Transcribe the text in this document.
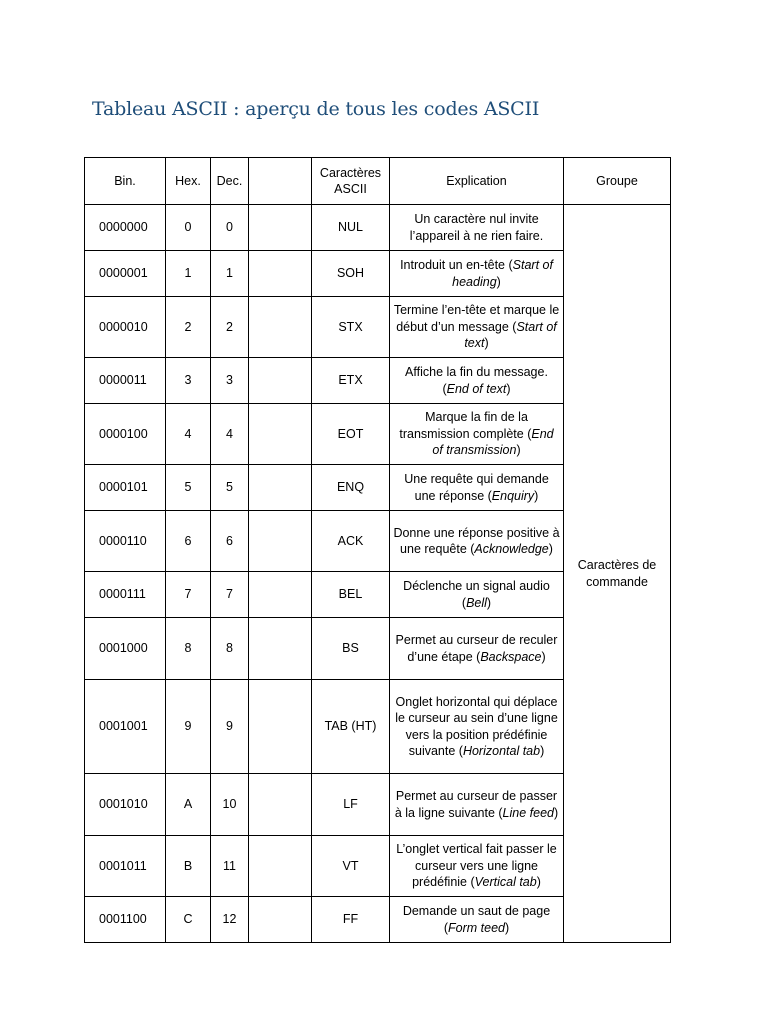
Tableau ASCII : aperçu de tous les codes ASCII
Bin.	Hex.	Dec.		Caractères ASCII	Explication	Groupe
0000000	0	0		NUL	Un caractère nul invite l’appareil à ne rien faire.	Caractères de commande
0000001	1	1		SOH	Introduit un en-tête (Start of heading)	
0000010	2	2		STX	Termine l’en-tête et marque le début d’un message (Start of text)	
0000011	3	3		ETX	Affiche la fin du message. (End of text)	
0000100	4	4		EOT	Marque la fin de la transmission complète (End of transmission)	
0000101	5	5		ENQ	Une requête qui demande une réponse (Enquiry)	
0000110	6	6		ACK	Donne une réponse positive à une requête (Acknowledge)	
0000111	7	7		BEL	Déclenche un signal audio (Bell)	
0001000	8	8		BS	Permet au curseur de reculer d’une étape (Backspace)	
0001001	9	9		TAB (HT)	Onglet horizontal qui déplace le curseur au sein d’une ligne vers la position prédéfinie suivante (Horizontal tab)	
0001010	A	10		LF	Permet au curseur de passer à la ligne suivante (Line feed)	
0001011	B	11		VT	L’onglet vertical fait passer le curseur vers une ligne prédéfinie (Vertical tab)	
0001100	C	12		FF	Demande un saut de page (Form teed)	
